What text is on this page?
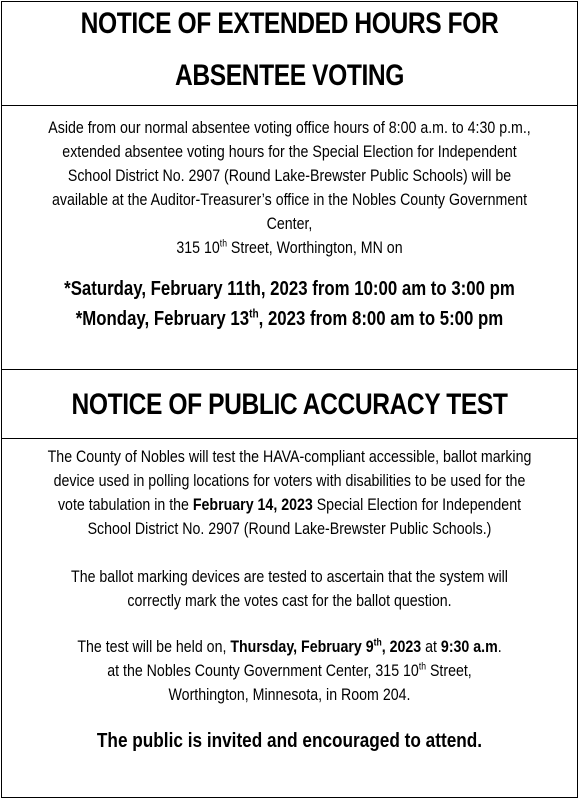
NOTICE OF EXTENDED HOURS FOR
ABSENTEE VOTING
Aside from our normal absentee voting office hours of 8:00 a.m. to 4:30 p.m.,
extended absentee voting hours for the Special Election for Independent
School District No. 2907 (Round Lake-Brewster Public Schools) will be
available at the Auditor-Treasurer’s office in the Nobles County Government
Center,
315 10th Street, Worthington, MN on
*Saturday, February 11th, 2023 from 10:00 am to 3:00 pm
*Monday, February 13th, 2023 from 8:00 am to 5:00 pm
NOTICE OF PUBLIC ACCURACY TEST
The County of Nobles will test the HAVA-compliant accessible, ballot marking
device used in polling locations for voters with disabilities to be used for the
vote tabulation in the February 14, 2023 Special Election for Independent
School District No. 2907 (Round Lake-Brewster Public Schools.)
The ballot marking devices are tested to ascertain that the system will
correctly mark the votes cast for the ballot question.
The test will be held on, Thursday, February 9th, 2023 at 9:30 a.m.
at the Nobles County Government Center, 315 10th Street,
Worthington, Minnesota, in Room 204.
The public is invited and encouraged to attend.
